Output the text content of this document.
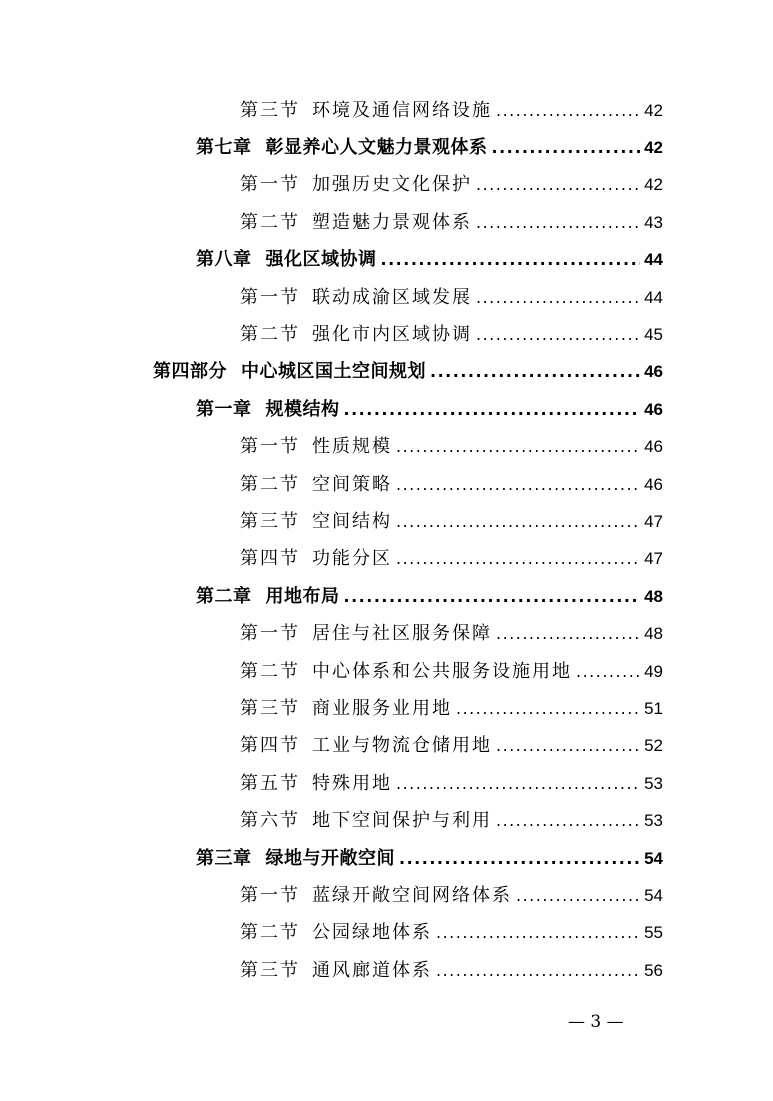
第三节 环境及通信网络设施 .....	42
第七章 彰显养心人文魅力景观体系 .....	42
第一节 加强历史文化保护 .....	42
第二节 塑造魅力景观体系 .....	43
第八章 强化区域协调 .....	44
第一节 联动成渝区域发展 .....	44
第二节 强化市内区域协调 .....	45
第四部分 中心城区国土空间规划 .....	46
第一章 规模结构 .....	46
第一节 性质规模 .....	46
第二节 空间策略 .....	46
第三节 空间结构 .....	47
第四节 功能分区 .....	47
第二章 用地布局 .....	48
第一节 居住与社区服务保障 .....	48
第二节 中心体系和公共服务设施用地 .....	49
第三节 商业服务业用地 .....	51
第四节 工业与物流仓储用地 .....	52
第五节 特殊用地 .....	53
第六节 地下空间保护与利用 .....	53
第三章 绿地与开敞空间 .....	54
第一节 蓝绿开敞空间网络体系 .....	54
第二节 公园绿地体系 .....	55
第三节 通风廊道体系 .....	56
— 3 —
